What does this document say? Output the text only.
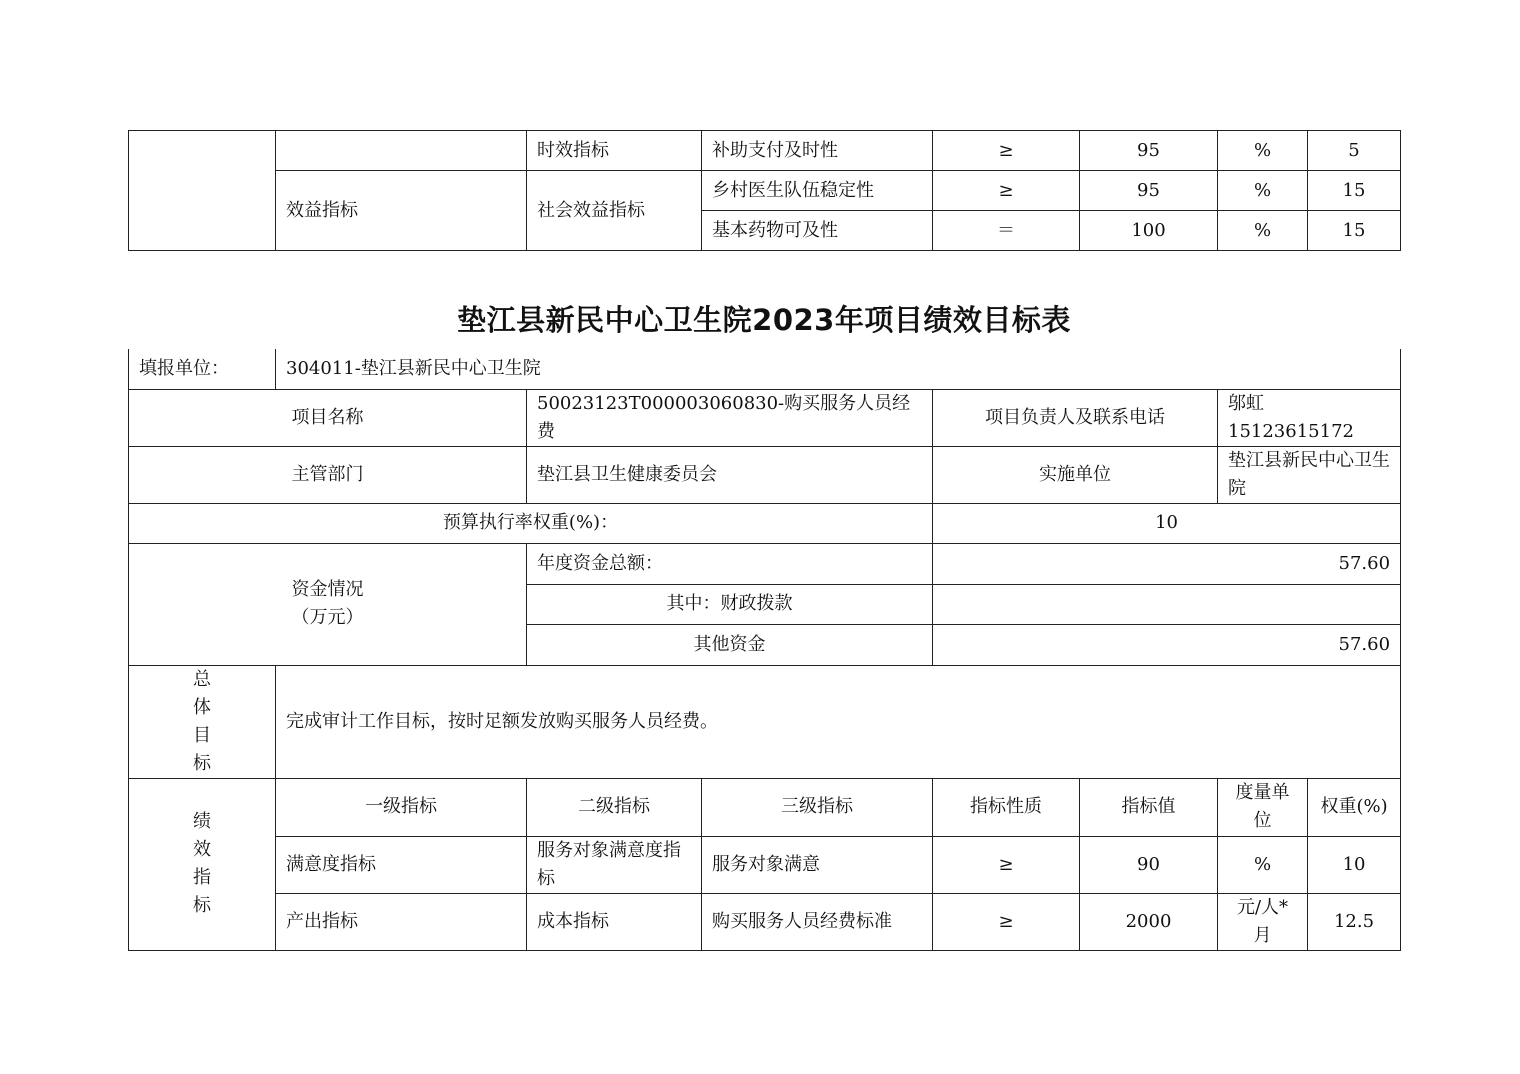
		时效指标	补助支付及时性	≥	95	%	5
	效益指标	社会效益指标	乡村医生队伍稳定性	≥	95	%	15
			基本药物可及性	＝	100	%	15
垫江县新民中心卫生院2023年项目绩效目标表
填报单位：	304011-垫江县新民中心卫生院						
项目名称		50023123T000003060830-购买服务人员经费		项目负责人及联系电话		邬虹 15123615172	
主管部门		垫江县卫生健康委员会		实施单位		垫江县新民中心卫生院	
预算执行率权重(%)：				10			

资金情况
（万元）		年度资金总额：		57.60			
		其中：财政拨款					
		其他资金		57.60			

总
体
目
标	完成审计工作目标，按时足额发放购买服务人员经费。						

绩
效
指
标	一级指标	二级指标	三级指标	指标性质	指标值	度量单位	权重(%)
	满意度指标	服务对象满意度指标	服务对象满意	≥	90	%	10
	产出指标	成本指标	购买服务人员经费标准	≥	2000	元/人*月	12.5
